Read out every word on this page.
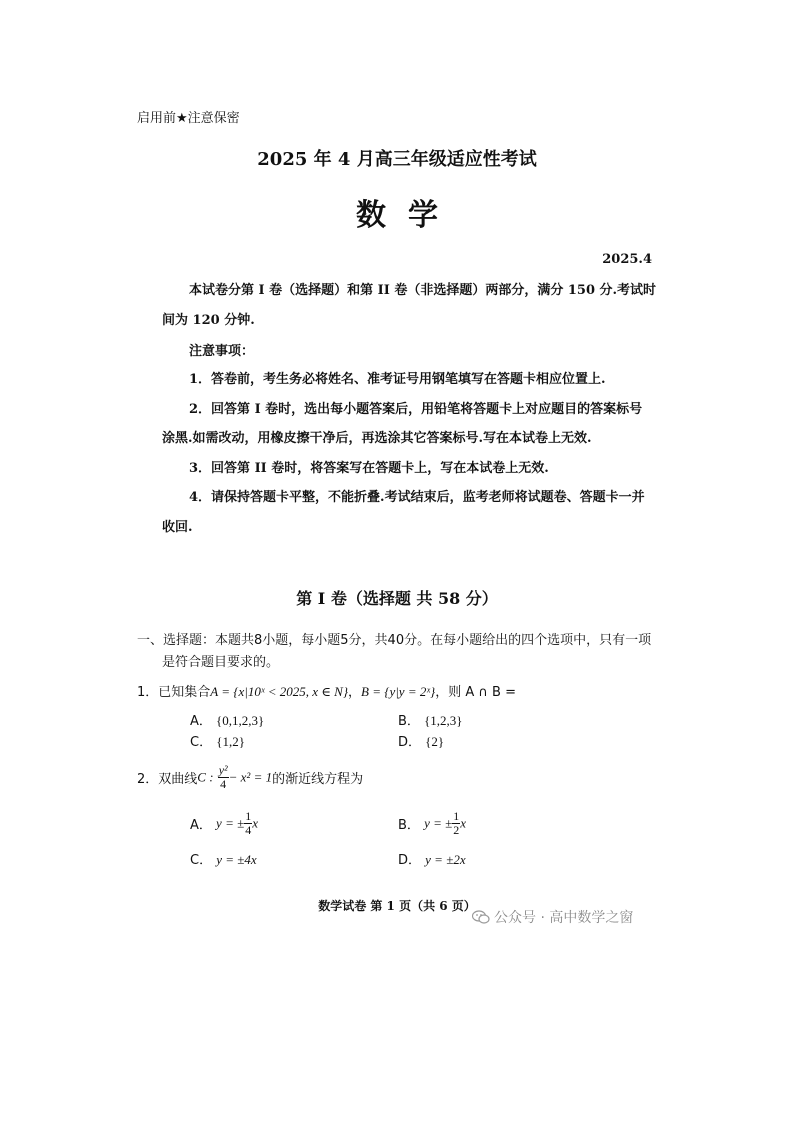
启用前★注意保密
2025 年 4 月高三年级适应性考试
数学
2025.4
本试卷分第 I 卷（选择题）和第 II 卷（非选择题）两部分，满分 150 分.考试时
间为 120 分钟.
注意事项：
1．答卷前，考生务必将姓名、准考证号用钢笔填写在答题卡相应位置上.
2．回答第 I 卷时，选出每小题答案后，用铅笔将答题卡上对应题目的答案标号
涂黑.如需改动，用橡皮擦干净后，再选涂其它答案标号.写在本试卷上无效.
3．回答第 II 卷时，将答案写在答题卡上，写在本试卷上无效.
4．请保持答题卡平整，不能折叠.考试结束后，监考老师将试题卷、答题卡一并
收回.
第 I 卷（选择题 共 58 分）
一、选择题：本题共8小题，每小题5分，共40分。在每小题给出的四个选项中，只有一项
是符合题目要求的。
1．已知集合A = {x|10ˣ < 2025, x ∈ N}，B = {y|y = 2ˣ}，则 A ∩ B =
A． {0,1,2,3}	B． {1,2,3}
C． {1,2}	D． {2}
2．双曲线C : $\frac{\text{y²}}{4} - x^2 = 1$的渐近线方程为
A． y = ± $\frac{1}{4}$ x	B． y = ± $\frac{1}{2}$ x
C． y = ±4x	D． y = ±2x
数学试卷 第 1 页（共 6 页）
公众号 · 高中数学之窗
